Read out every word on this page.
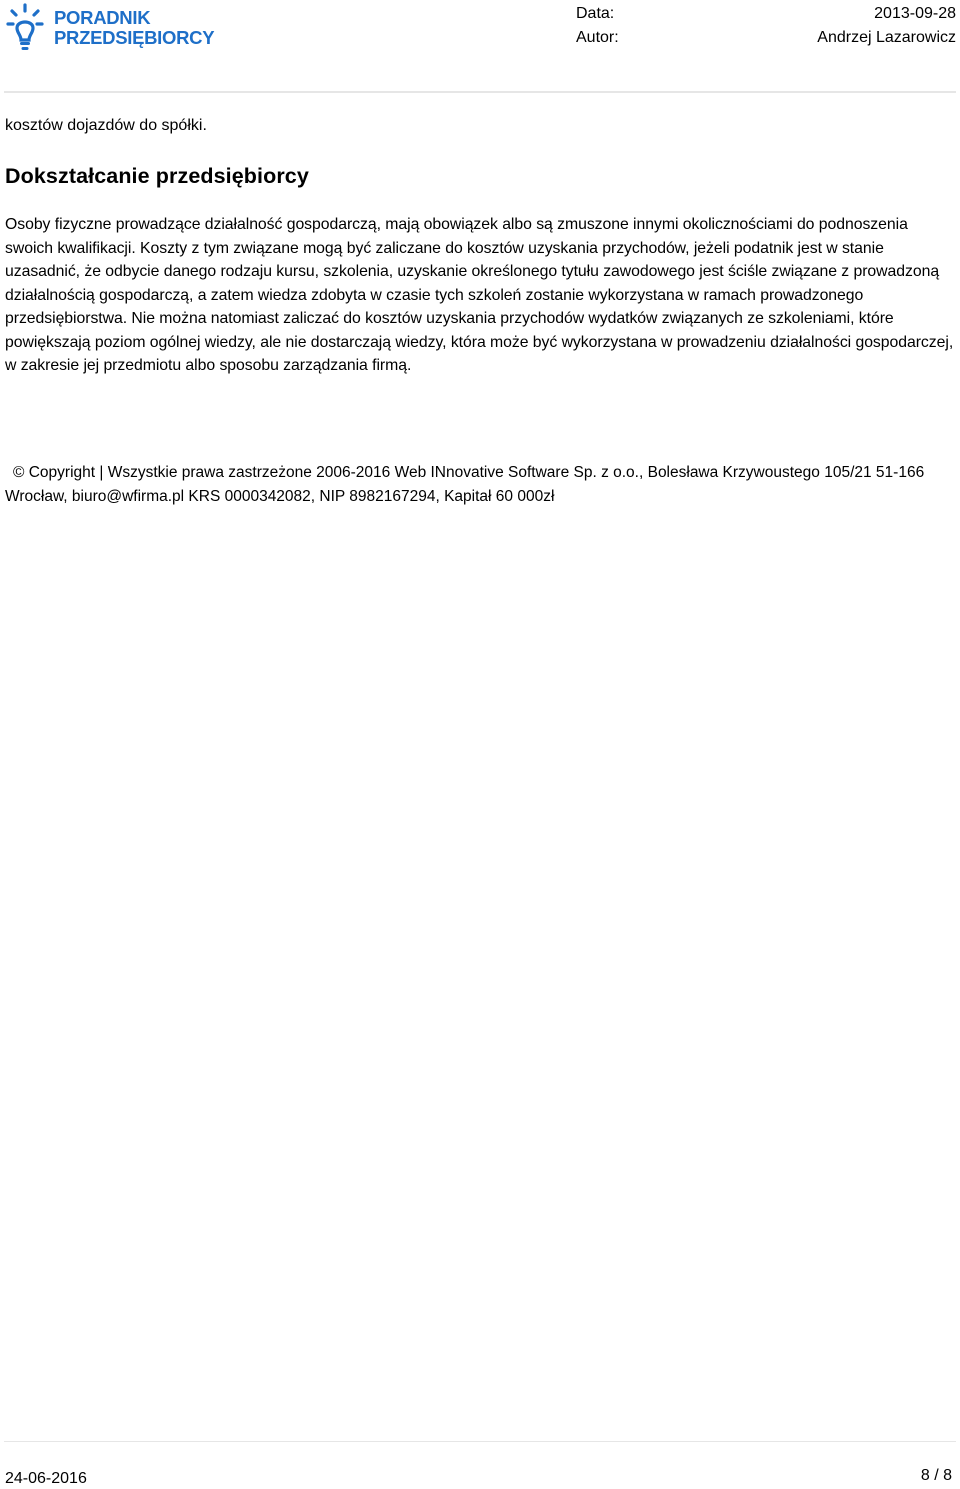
PORADNIK
PRZEDSIĘBIORCY
Data:	2013-09-28
Autor:	Andrzej Lazarowicz

kosztów dojazdów do spółki.

Dokształcanie przedsiębiorcy

Osoby fizyczne prowadzące działalność gospodarczą, mają obowiązek albo są zmuszone innymi okolicznościami do podnoszenia swoich kwalifikacji. Koszty z tym związane mogą być zaliczane do kosztów uzyskania przychodów, jeżeli podatnik jest w stanie uzasadnić, że odbycie danego rodzaju kursu, szkolenia, uzyskanie określonego tytułu zawodowego jest ściśle związane z prowadzoną działalnością gospodarczą, a zatem wiedza zdobyta w czasie tych szkoleń zostanie wykorzystana w ramach prowadzonego przedsiębiorstwa. Nie można natomiast zaliczać do kosztów uzyskania przychodów wydatków związanych ze szkoleniami, które powiększają poziom ogólnej wiedzy, ale nie dostarczają wiedzy, która może być wykorzystana w prowadzeniu działalności gospodarczej, w zakresie jej przedmiotu albo sposobu zarządzania firmą.

© Copyright | Wszystkie prawa zastrzeżone 2006-2016 Web INnovative Software Sp. z o.o., Bolesława Krzywoustego 105/21 51-166 Wrocław, biuro@wfirma.pl KRS 0000342082, NIP 8982167294, Kapitał 60 000zł
24-06-2016	8 / 8
